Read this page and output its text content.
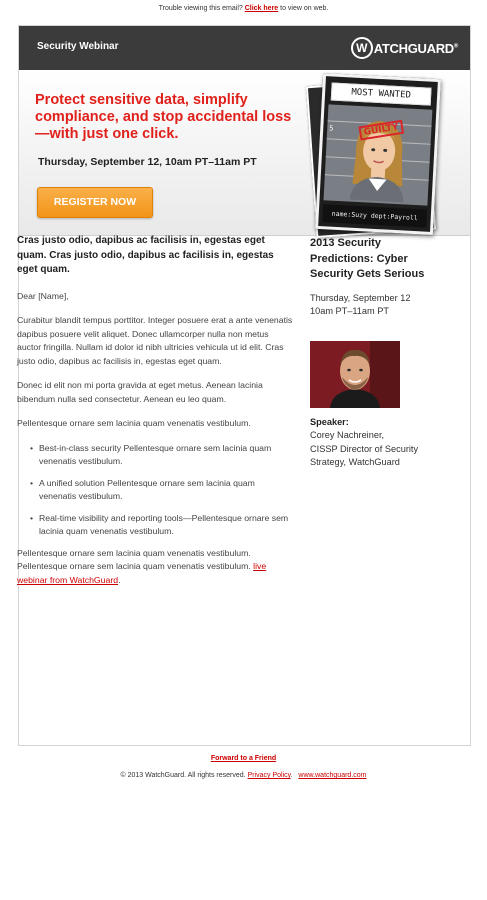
Trouble viewing this email? Click here to view on web.
Security Webinar	W ATCHGUARD®
Protect sensitive data, simplify compliance, and stop accidental loss—with just one click.
Thursday, September 12, 10am PT–11am PT
REGISTER NOW
MOST WANTED
5	GUILTY
name:Suzy dept:Payroll
Cras justo odio, dapibus ac facilisis in, egestas eget quam. Cras justo odio, dapibus ac facilisis in, egestas eget quam.

Dear [Name],

Curabitur blandit tempus porttitor. Integer posuere erat a ante venenatis dapibus posuere velit aliquet. Donec ullamcorper nulla non metus auctor fringilla. Nullam id dolor id nibh ultricies vehicula ut id elit. Cras justo odio, dapibus ac facilisis in, egestas eget quam.

Donec id elit non mi porta gravida at eget metus. Aenean lacinia bibendum nulla sed consectetur. Aenean eu leo quam.

Pellentesque ornare sem lacinia quam venenatis vestibulum.

• Best-in-class security Pellentesque ornare sem lacinia quam venenatis vestibulum.
• A unified solution Pellentesque ornare sem lacinia quam venenatis vestibulum.
• Real-time visibility and reporting tools—Pellentesque ornare sem lacinia quam venenatis vestibulum.

Pellentesque ornare sem lacinia quam venenatis vestibulum. Pellentesque ornare sem lacinia quam venenatis vestibulum. live webinar from WatchGuard.

2013 Security Predictions: Cyber Security Gets Serious
Thursday, September 12
10am PT–11am PT
Speaker:
Corey Nachreiner,
CISSP Director of Security Strategy, WatchGuard
Forward to a Friend
© 2013 WatchGuard. All rights reserved. Privacy Policy. www.watchguard.com
